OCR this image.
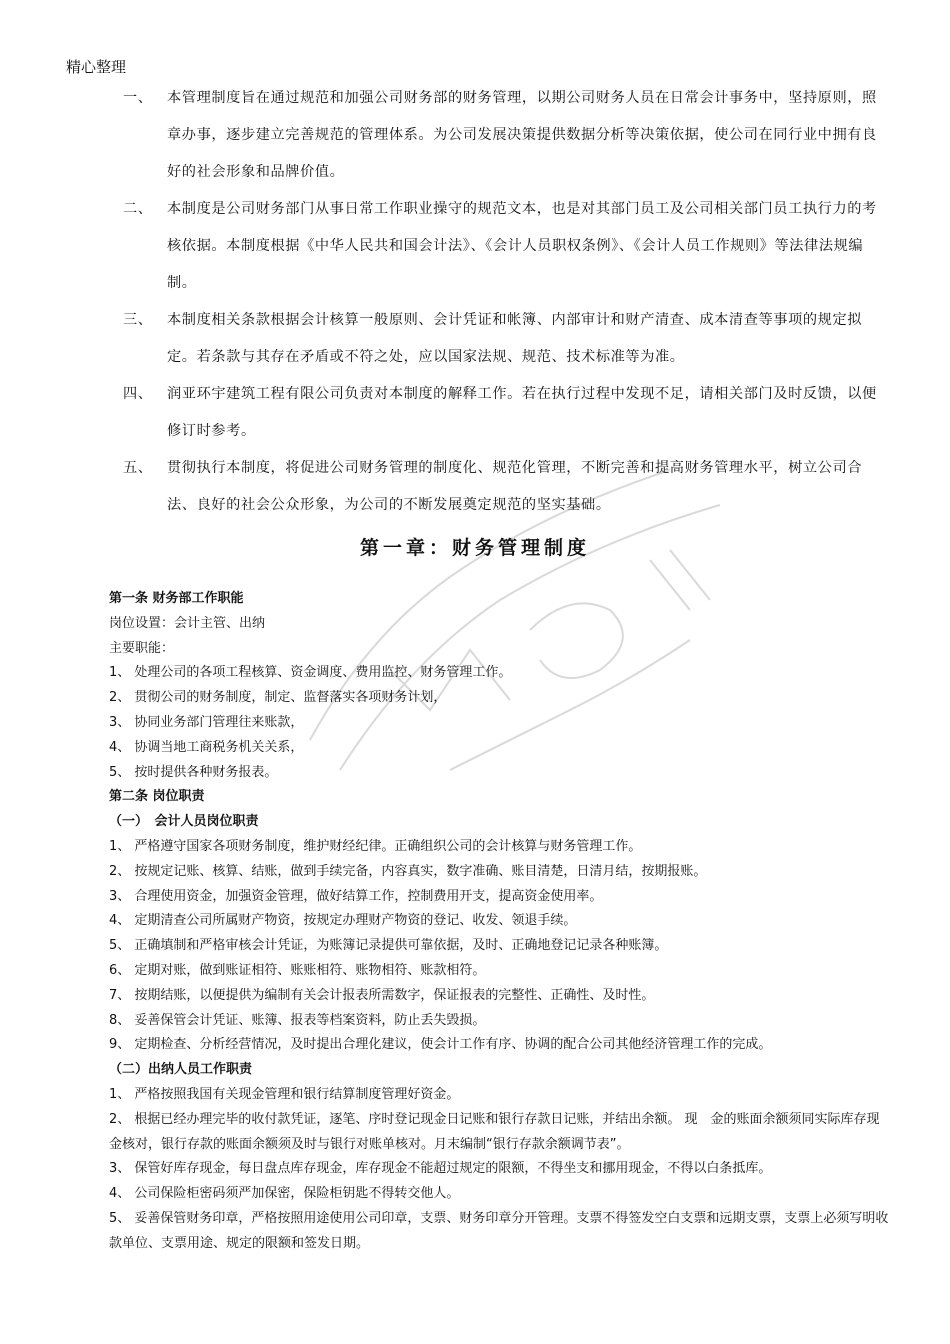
精心整理
一、 本管理制度旨在通过规范和加强公司财务部的财务管理，以期公司财务人员在日常会计事务中，坚持原则，照章办事，逐步建立完善规范的管理体系。为公司发展决策提供数据分析等决策依据，使公司在同行业中拥有良好的社会形象和品牌价值。
二、 本制度是公司财务部门从事日常工作职业操守的规范文本，也是对其部门员工及公司相关部门员工执行力的考核依据。本制度根据《中华人民共和国会计法》、《会计人员职权条例》、《会计人员工作规则》等法律法规编制。
三、 本制度相关条款根据会计核算一般原则、会计凭证和帐簿、内部审计和财产清查、成本清查等事项的规定拟定。若条款与其存在矛盾或不符之处，应以国家法规、规范、技术标准等为准。
四、 润亚环宇建筑工程有限公司负责对本制度的解释工作。若在执行过程中发现不足，请相关部门及时反馈，以便修订时参考。
五、 贯彻执行本制度，将促进公司财务管理的制度化、规范化管理，不断完善和提高财务管理水平，树立公司合法、良好的社会公众形象，为公司的不断发展奠定规范的坚实基础。
第一章：财务管理制度
第一条 财务部工作职能
岗位设置：会计主管、出纳
主要职能：
1、 处理公司的各项工程核算、资金调度、费用监控、财务管理工作。
2、 贯彻公司的财务制度，制定、监督落实各项财务计划，
3、 协同业务部门管理往来账款，
4、 协调当地工商税务机关关系，
5、 按时提供各种财务报表。
第二条 岗位职责
（一）　会计人员岗位职责
1、 严格遵守国家各项财务制度，维护财经纪律。正确组织公司的会计核算与财务管理工作。
2、 按规定记账、核算、结账，做到手续完备，内容真实，数字准确、账目清楚，日清月结，按期报账。
3、 合理使用资金，加强资金管理，做好结算工作，控制费用开支，提高资金使用率。
4、 定期清查公司所属财产物资，按规定办理财产物资的登记、收发、领退手续。
5、 正确填制和严格审核会计凭证，为账簿记录提供可靠依据，及时、正确地登记记录各种账簿。
6、 定期对账，做到账证相符、账账相符、账物相符、账款相符。
7、 按期结账，以便提供为编制有关会计报表所需数字，保证报表的完整性、正确性、及时性。
8、 妥善保管会计凭证、账簿、报表等档案资料，防止丢失毁损。
9、 定期检查、分析经营情况，及时提出合理化建议，使会计工作有序、协调的配合公司其他经济管理工作的完成。
（二）出纳人员工作职责
1、 严格按照我国有关现金管理和银行结算制度管理好资金。
2、 根据已经办理完毕的收付款凭证，逐笔、序时登记现金日记账和银行存款日记账，并结出余额。 现　金的账面余额须同实际库存现金核对，银行存款的账面余额须及时与银行对账单核对。月末编制“银行存款余额调节表”。
3、 保管好库存现金，每日盘点库存现金，库存现金不能超过规定的限额，不得坐支和挪用现金，不得以白条抵库。
4、 公司保险柜密码须严加保密，保险柜钥匙不得转交他人。
5、 妥善保管财务印章，严格按照用途使用公司印章，支票、财务印章分开管理。支票不得签发空白支票和远期支票，支票上必须写明收款单位、支票用途、规定的限额和签发日期。
